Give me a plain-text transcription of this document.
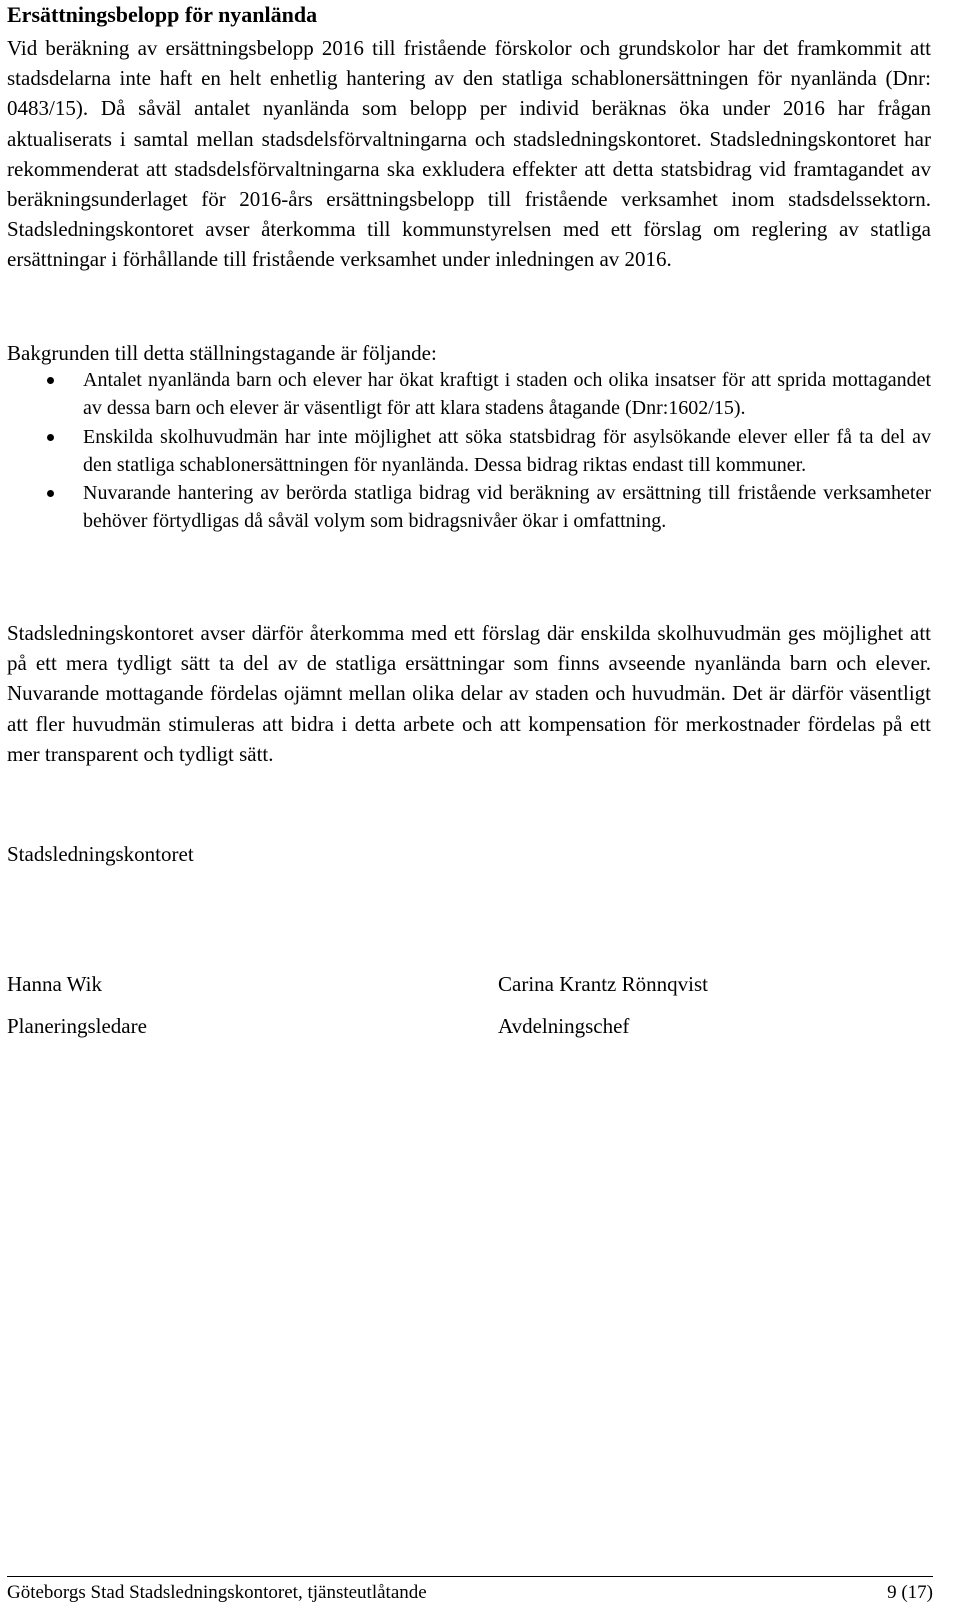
Ersättningsbelopp för nyanlända
Vid beräkning av ersättningsbelopp 2016 till fristående förskolor och grundskolor har det framkommit att stadsdelarna inte haft en helt enhetlig hantering av den statliga schablonersättningen för nyanlända (Dnr: 0483/15). Då såväl antalet nyanlända som belopp per individ beräknas öka under 2016 har frågan aktualiserats i samtal mellan stadsdelsförvaltningarna och stadsledningskontoret. Stadsledningskontoret har rekommenderat att stadsdelsförvaltningarna ska exkludera effekter att detta statsbidrag vid framtagandet av beräkningsunderlaget för 2016-års ersättningsbelopp till fristående verksamhet inom stadsdelssektorn. Stadsledningskontoret avser återkomma till kommunstyrelsen med ett förslag om reglering av statliga ersättningar i förhållande till fristående verksamhet under inledningen av 2016.
Bakgrunden till detta ställningstagande är följande:
Antalet nyanlända barn och elever har ökat kraftigt i staden och olika insatser för att sprida mottagandet av dessa barn och elever är väsentligt för att klara stadens åtagande (Dnr:1602/15).
Enskilda skolhuvudmän har inte möjlighet att söka statsbidrag för asylsökande elever eller få ta del av den statliga schablonersättningen för nyanlända. Dessa bidrag riktas endast till kommuner.
Nuvarande hantering av berörda statliga bidrag vid beräkning av ersättning till fristående verksamheter behöver förtydligas då såväl volym som bidragsnivåer ökar i omfattning.
Stadsledningskontoret avser därför återkomma med ett förslag där enskilda skolhuvudmän ges möjlighet att på ett mera tydligt sätt ta del av de statliga ersättningar som finns avseende nyanlända barn och elever. Nuvarande mottagande fördelas ojämnt mellan olika delar av staden och huvudmän. Det är därför väsentligt att fler huvudmän stimuleras att bidra i detta arbete och att kompensation för merkostnader fördelas på ett mer transparent och tydligt sätt.
Stadsledningskontoret
Hanna Wik
Planeringsledare
Carina Krantz Rönnqvist
Avdelningschef
Göteborgs Stad Stadsledningskontoret, tjänsteutlåtande	9 (17)
